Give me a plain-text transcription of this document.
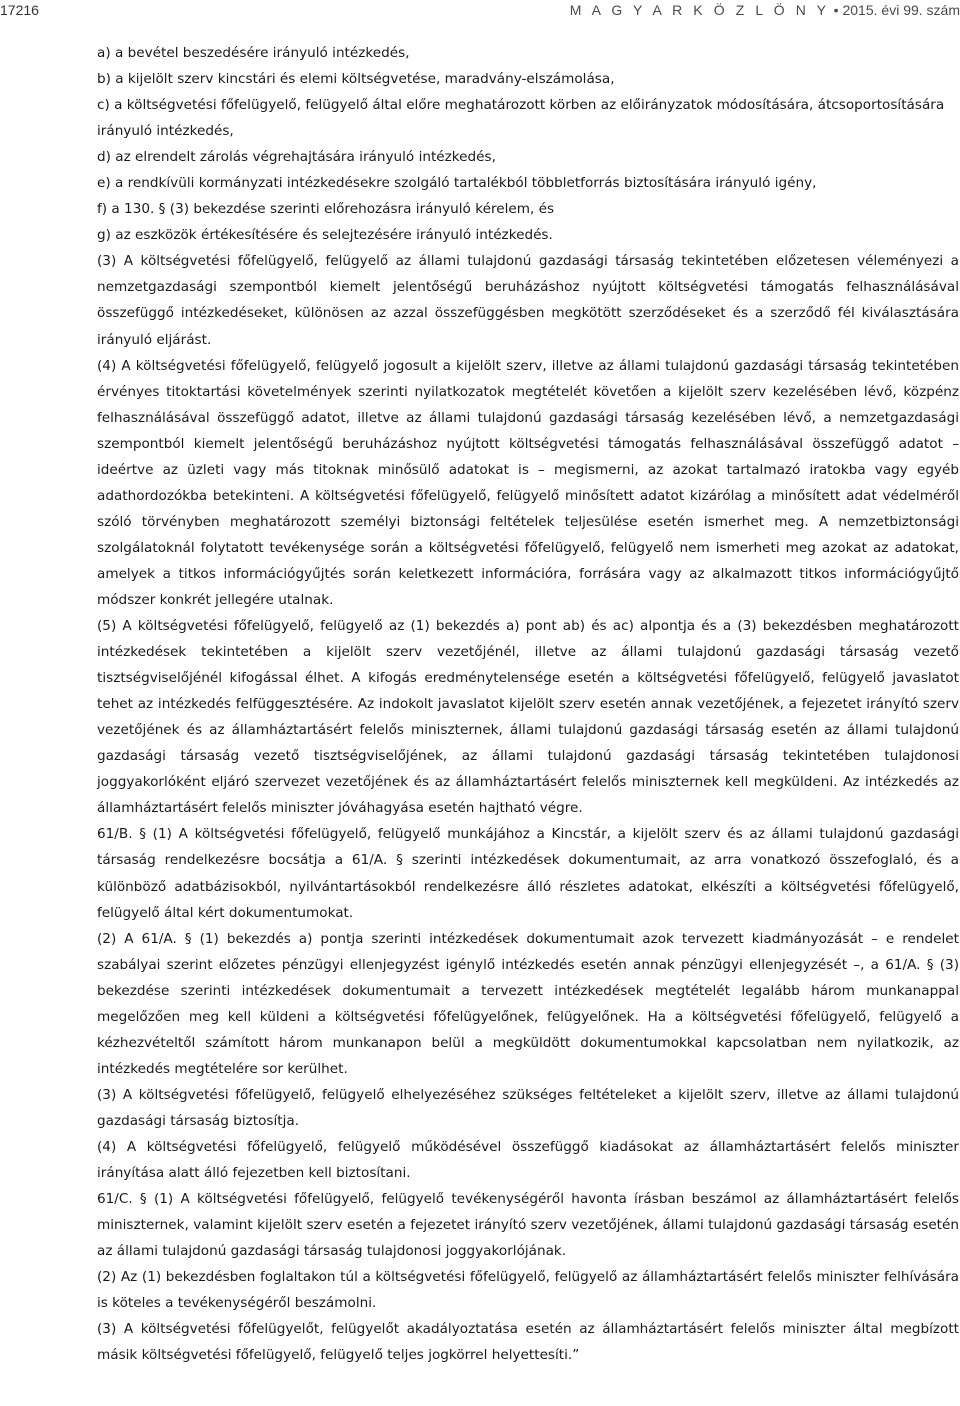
17216	M A G Y A R K Ö Z L Ö N Y • 2015. évi 99. szám

a) a bevétel beszedésére irányuló intézkedés,

b) a kijelölt szerv kincstári és elemi költségvetése, maradvány-elszámolása,

c) a költségvetési főfelügyelő, felügyelő által előre meghatározott körben az előirányzatok módosítására, átcsoportosítására irányuló intézkedés,

d) az elrendelt zárolás végrehajtására irányuló intézkedés,

e) a rendkívüli kormányzati intézkedésekre szolgáló tartalékból többletforrás biztosítására irányuló igény,

f) a 130. § (3) bekezdése szerinti előrehozásra irányuló kérelem, és

g) az eszközök értékesítésére és selejtezésére irányuló intézkedés.

(3) A költségvetési főfelügyelő, felügyelő az állami tulajdonú gazdasági társaság tekintetében előzetesen véleményezi a nemzetgazdasági szempontból kiemelt jelentőségű beruházáshoz nyújtott költségvetési támogatás felhasználásával összefüggő intézkedéseket, különösen az azzal összefüggésben megkötött szerződéseket és a szerződő fél kiválasztására irányuló eljárást.

(4) A költségvetési főfelügyelő, felügyelő jogosult a kijelölt szerv, illetve az állami tulajdonú gazdasági társaság tekintetében érvényes titoktartási követelmények szerinti nyilatkozatok megtételét követően a kijelölt szerv kezelésében lévő, közpénz felhasználásával összefüggő adatot, illetve az állami tulajdonú gazdasági társaság kezelésében lévő, a nemzetgazdasági szempontból kiemelt jelentőségű beruházáshoz nyújtott költségvetési támogatás felhasználásával összefüggő adatot – ideértve az üzleti vagy más titoknak minősülő adatokat is – megismerni, az azokat tartalmazó iratokba vagy egyéb adathordozókba betekinteni. A költségvetési főfelügyelő, felügyelő minősített adatot kizárólag a minősített adat védelméről szóló törvényben meghatározott személyi biztonsági feltételek teljesülése esetén ismerhet meg. A nemzetbiztonsági szolgálatoknál folytatott tevékenysége során a költségvetési főfelügyelő, felügyelő nem ismerheti meg azokat az adatokat, amelyek a titkos információgyűjtés során keletkezett információra, forrására vagy az alkalmazott titkos információgyűjtő módszer konkrét jellegére utalnak.

(5) A költségvetési főfelügyelő, felügyelő az (1) bekezdés a) pont ab) és ac) alpontja és a (3) bekezdésben meghatározott intézkedések tekintetében a kijelölt szerv vezetőjénél, illetve az állami tulajdonú gazdasági társaság vezető tisztségviselőjénél kifogással élhet. A kifogás eredménytelensége esetén a költségvetési főfelügyelő, felügyelő javaslatot tehet az intézkedés felfüggesztésére. Az indokolt javaslatot kijelölt szerv esetén annak vezetőjének, a fejezetet irányító szerv vezetőjének és az államháztartásért felelős miniszternek, állami tulajdonú gazdasági társaság esetén az állami tulajdonú gazdasági társaság vezető tisztségviselőjének, az állami tulajdonú gazdasági társaság tekintetében tulajdonosi joggyakorlóként eljáró szervezet vezetőjének és az államháztartásért felelős miniszternek kell megküldeni. Az intézkedés az államháztartásért felelős miniszter jóváhagyása esetén hajtható végre.

61/B. § (1) A költségvetési főfelügyelő, felügyelő munkájához a Kincstár, a kijelölt szerv és az állami tulajdonú gazdasági társaság rendelkezésre bocsátja a 61/A. § szerinti intézkedések dokumentumait, az arra vonatkozó összefoglaló, és a különböző adatbázisokból, nyilvántartásokból rendelkezésre álló részletes adatokat, elkészíti a költségvetési főfelügyelő, felügyelő által kért dokumentumokat.

(2) A 61/A. § (1) bekezdés a) pontja szerinti intézkedések dokumentumait azok tervezett kiadmányozását – e rendelet szabályai szerint előzetes pénzügyi ellenjegyzést igénylő intézkedés esetén annak pénzügyi ellenjegyzését –, a 61/A. § (3) bekezdése szerinti intézkedések dokumentumait a tervezett intézkedések megtételét legalább három munkanappal megelőzően meg kell küldeni a költségvetési főfelügyelőnek, felügyelőnek. Ha a költségvetési főfelügyelő, felügyelő a kézhezvételtől számított három munkanapon belül a megküldött dokumentumokkal kapcsolatban nem nyilatkozik, az intézkedés megtételére sor kerülhet.

(3) A költségvetési főfelügyelő, felügyelő elhelyezéséhez szükséges feltételeket a kijelölt szerv, illetve az állami tulajdonú gazdasági társaság biztosítja.

(4) A költségvetési főfelügyelő, felügyelő működésével összefüggő kiadásokat az államháztartásért felelős miniszter irányítása alatt álló fejezetben kell biztosítani.

61/C. § (1) A költségvetési főfelügyelő, felügyelő tevékenységéről havonta írásban beszámol az államháztartásért felelős miniszternek, valamint kijelölt szerv esetén a fejezetet irányító szerv vezetőjének, állami tulajdonú gazdasági társaság esetén az állami tulajdonú gazdasági társaság tulajdonosi joggyakorlójának.

(2) Az (1) bekezdésben foglaltakon túl a költségvetési főfelügyelő, felügyelő az államháztartásért felelős miniszter felhívására is köteles a tevékenységéről beszámolni.

(3) A költségvetési főfelügyelőt, felügyelőt akadályoztatása esetén az államháztartásért felelős miniszter által megbízott másik költségvetési főfelügyelő, felügyelő teljes jogkörrel helyettesíti.”
